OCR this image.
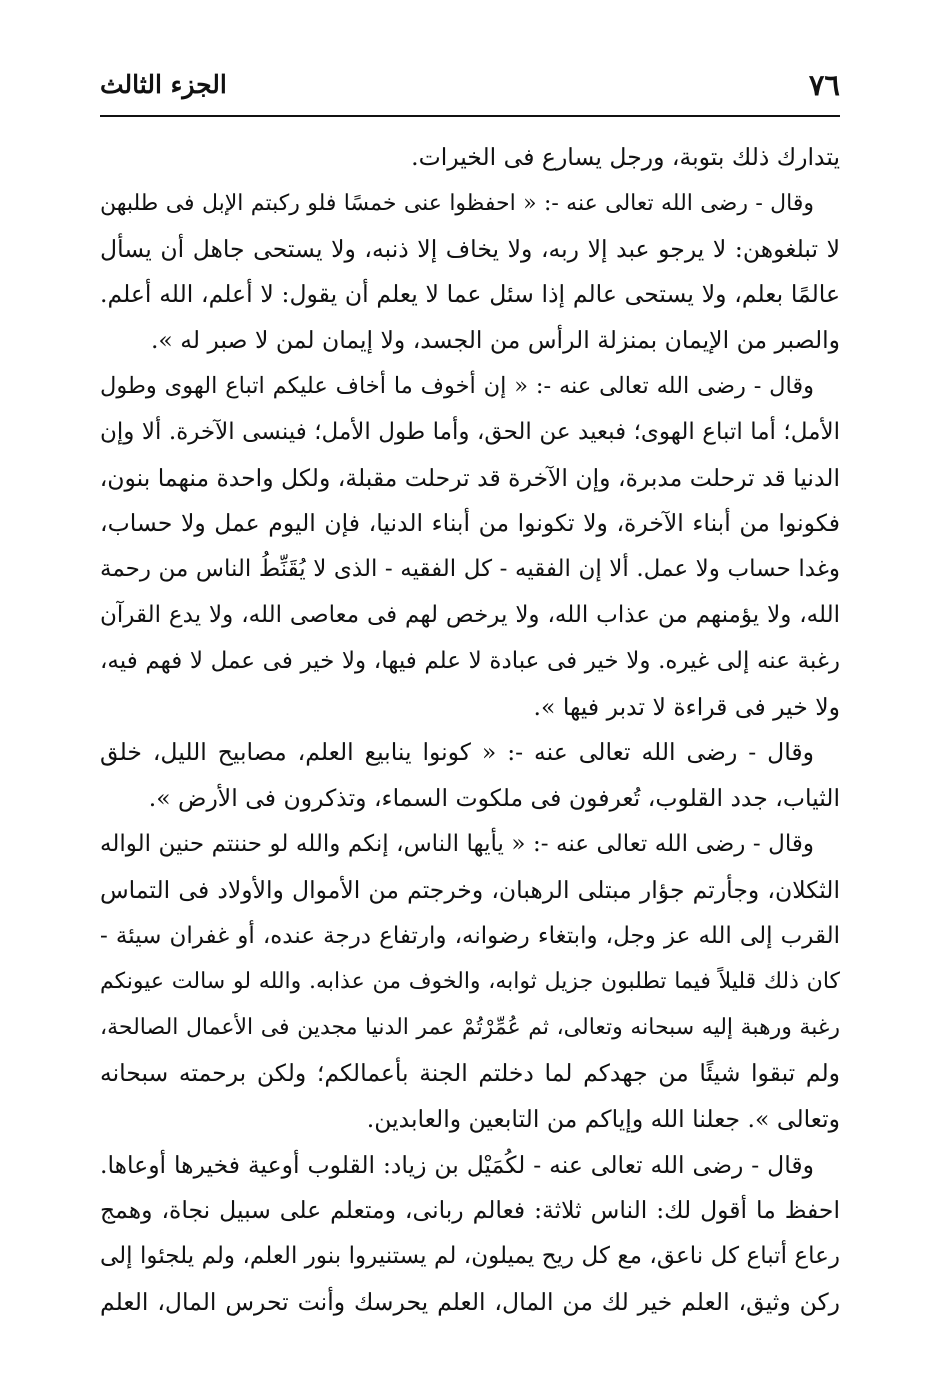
٧٦
الجزء الثالث
يتدارك ذلك بتوبة، ورجل يسارع فى الخيرات.
وقال - رضى الله تعالى عنه -: « احفظوا عنى خمسًا فلو ركبتم الإبل فى طلبهن
لا تبلغوهن: لا يرجو عبد إلا ربه، ولا يخاف إلا ذنبه، ولا يستحى جاهل أن يسأل
عالمًا بعلم، ولا يستحى عالم إذا سئل عما لا يعلم أن يقول: لا أعلم، الله أعلم.
والصبر من الإيمان بمنزلة الرأس من الجسد، ولا إيمان لمن لا صبر له ».
وقال - رضى الله تعالى عنه -: « إن أخوف ما أخاف عليكم اتباع الهوى وطول
الأمل؛ أما اتباع الهوى؛ فبعيد عن الحق، وأما طول الأمل؛ فينسى الآخرة. ألا وإن
الدنيا قد ترحلت مدبرة، وإن الآخرة قد ترحلت مقبلة، ولكل واحدة منهما بنون،
فكونوا من أبناء الآخرة، ولا تكونوا من أبناء الدنيا، فإن اليوم عمل ولا حساب،
وغدا حساب ولا عمل. ألا إن الفقيه - كل الفقيه - الذى لا يُقَنِّطُ الناس من رحمة
الله، ولا يؤمنهم من عذاب الله، ولا يرخص لهم فى معاصى الله، ولا يدع القرآن
رغبة عنه إلى غيره. ولا خير فى عبادة لا علم فيها، ولا خير فى عمل لا فهم فيه،
ولا خير فى قراءة لا تدبر فيها ».
وقال - رضى الله تعالى عنه -: « كونوا ينابيع العلم، مصابيح الليل، خلق
الثياب، جدد القلوب، تُعرفون فى ملكوت السماء، وتذكرون فى الأرض ».
وقال - رضى الله تعالى عنه -: « يأيها الناس، إنكم والله لو حننتم حنين الواله
الثكلان، وجأرتم جؤار مبتلى الرهبان، وخرجتم من الأموال والأولاد فى التماس
القرب إلى الله عز وجل، وابتغاء رضوانه، وارتفاع درجة عنده، أو غفران سيئة -
كان ذلك قليلاً فيما تطلبون جزيل ثوابه، والخوف من عذابه. والله لو سالت عيونكم
رغبة ورهبة إليه سبحانه وتعالى، ثم عُمِّرْتُمْ عمر الدنيا مجدين فى الأعمال الصالحة،
ولم تبقوا شيئًا من جهدكم لما دخلتم الجنة بأعمالكم؛ ولكن برحمته سبحانه
وتعالى ». جعلنا الله وإياكم من التابعين والعابدين.
وقال - رضى الله تعالى عنه - لكُمَيْل بن زياد: القلوب أوعية فخيرها أوعاها.
احفظ ما أقول لك: الناس ثلاثة: فعالم ربانى، ومتعلم على سبيل نجاة، وهمج
رعاع أتباع كل ناعق، مع كل ريح يميلون، لم يستنيروا بنور العلم، ولم يلجئوا إلى
ركن وثيق، العلم خير لك من المال، العلم يحرسك وأنت تحرس المال، العلم
